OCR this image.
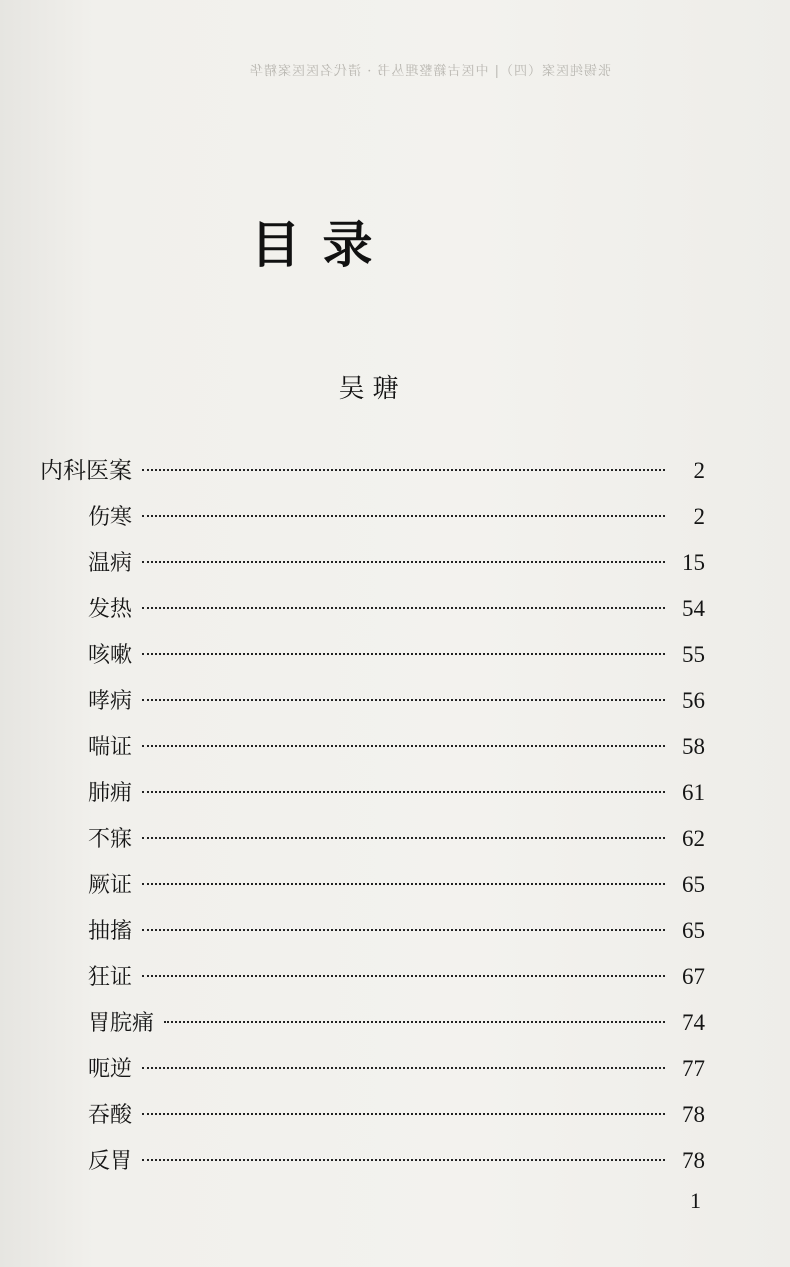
张锡纯医案（四）| 中医古籍整理丛书 · 清代名医医案精华
目录
吴瑭
内科医案	2
伤寒	2
温病	15
发热	54
咳嗽	55
哮病	56
喘证	58
肺痈	61
不寐	62
厥证	65
抽搐	65
狂证	67
胃脘痛	74
呃逆	77
吞酸	78
反胃	78
1
